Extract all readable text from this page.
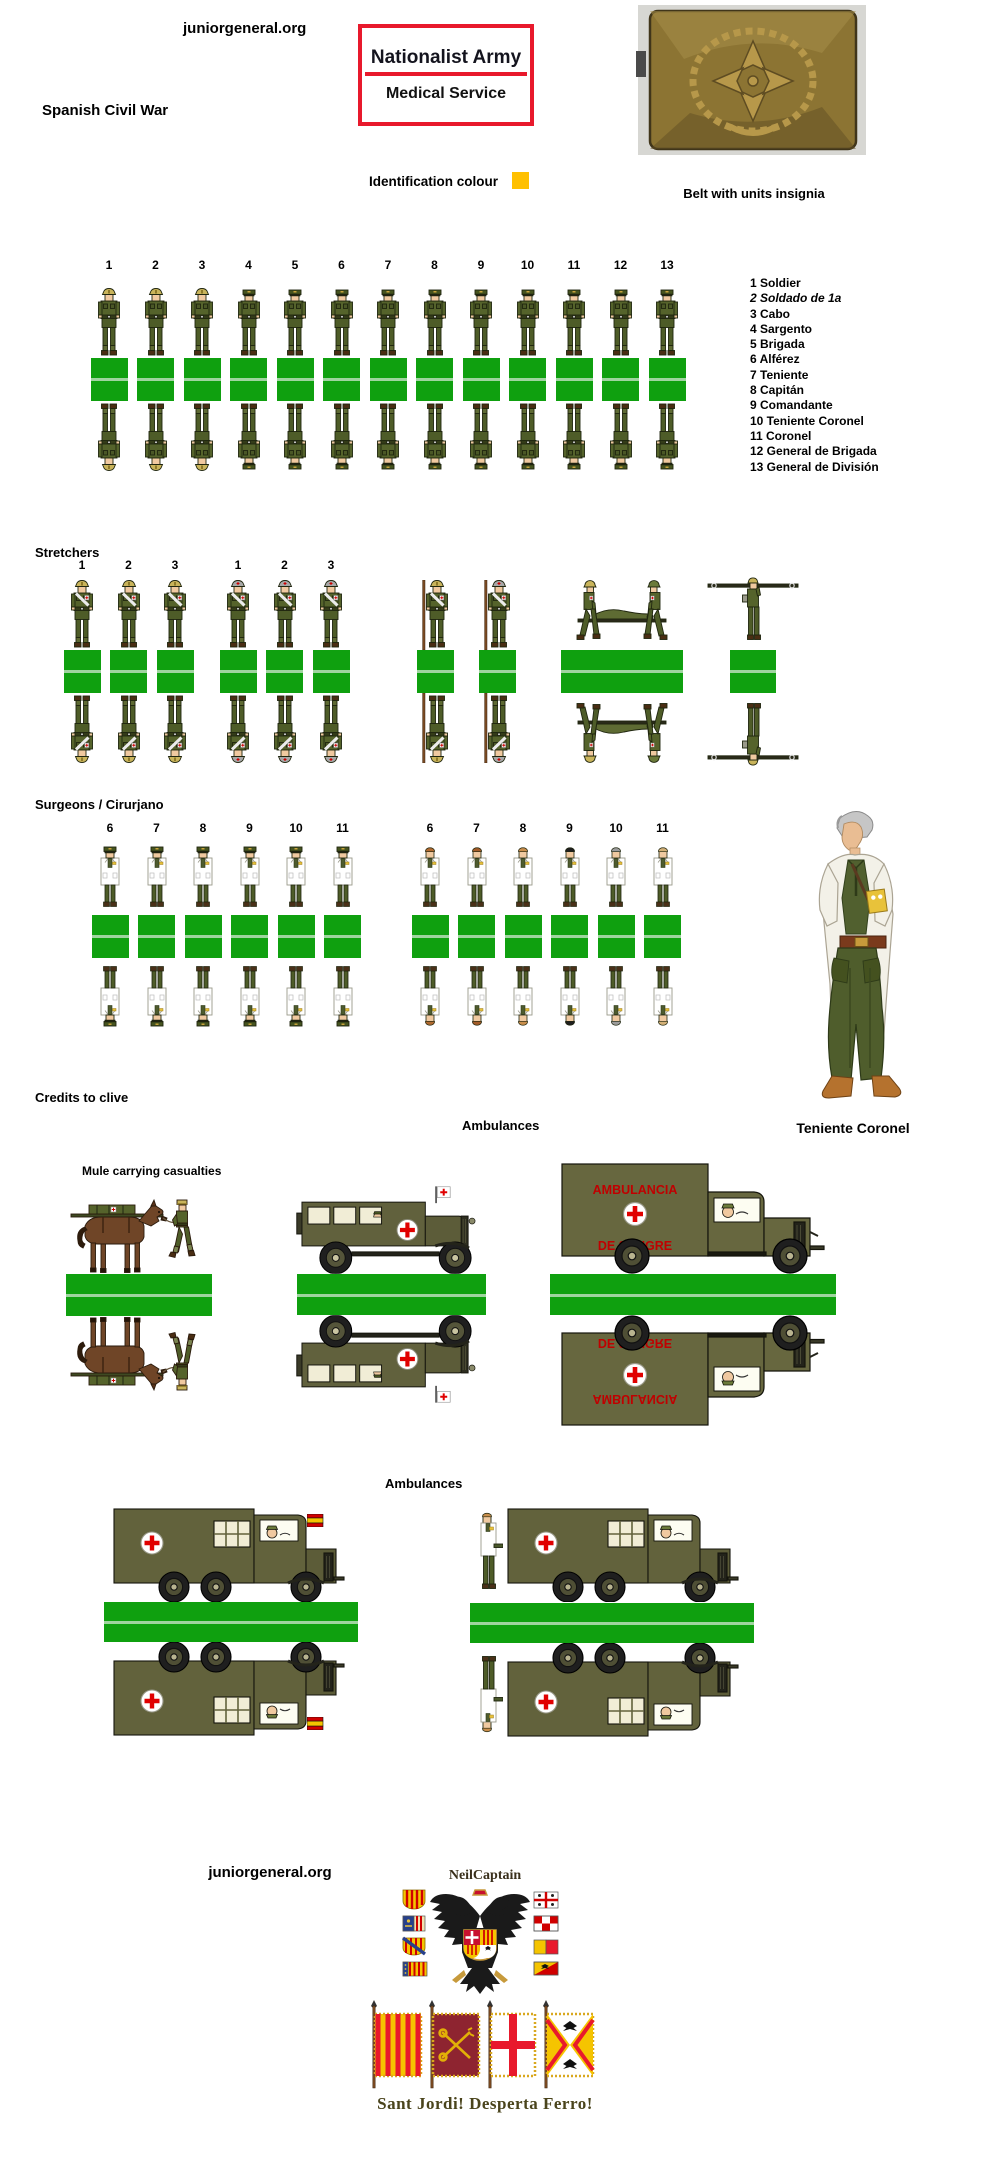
juniorgeneral.org
Nationalist Army
Medical Service
Spanish Civil War
Belt with units insignia
Identification colour
1	2	3	4	5	6	7	8	9	10	11	12	13
1 Soldier
2 Soldado de 1a
3 Cabo
4 Sargento
5 Brigada
6 Alférez
7 Teniente
8 Capitán
9 Comandante
10 Teniente Coronel
11 Coronel
12 General de Brigada
13 General de División
Stretchers
1	2	3	1	2	3
Surgeons / Cirurjano
6	7	8	9	10	11	6	7	8	9	10	11
Teniente Coronel
Credits to clive
Ambulances
Mule carrying casualties
Ambulances
juniorgeneral.org	NeilCaptain
Sant Jordi! Desperta Ferro!
